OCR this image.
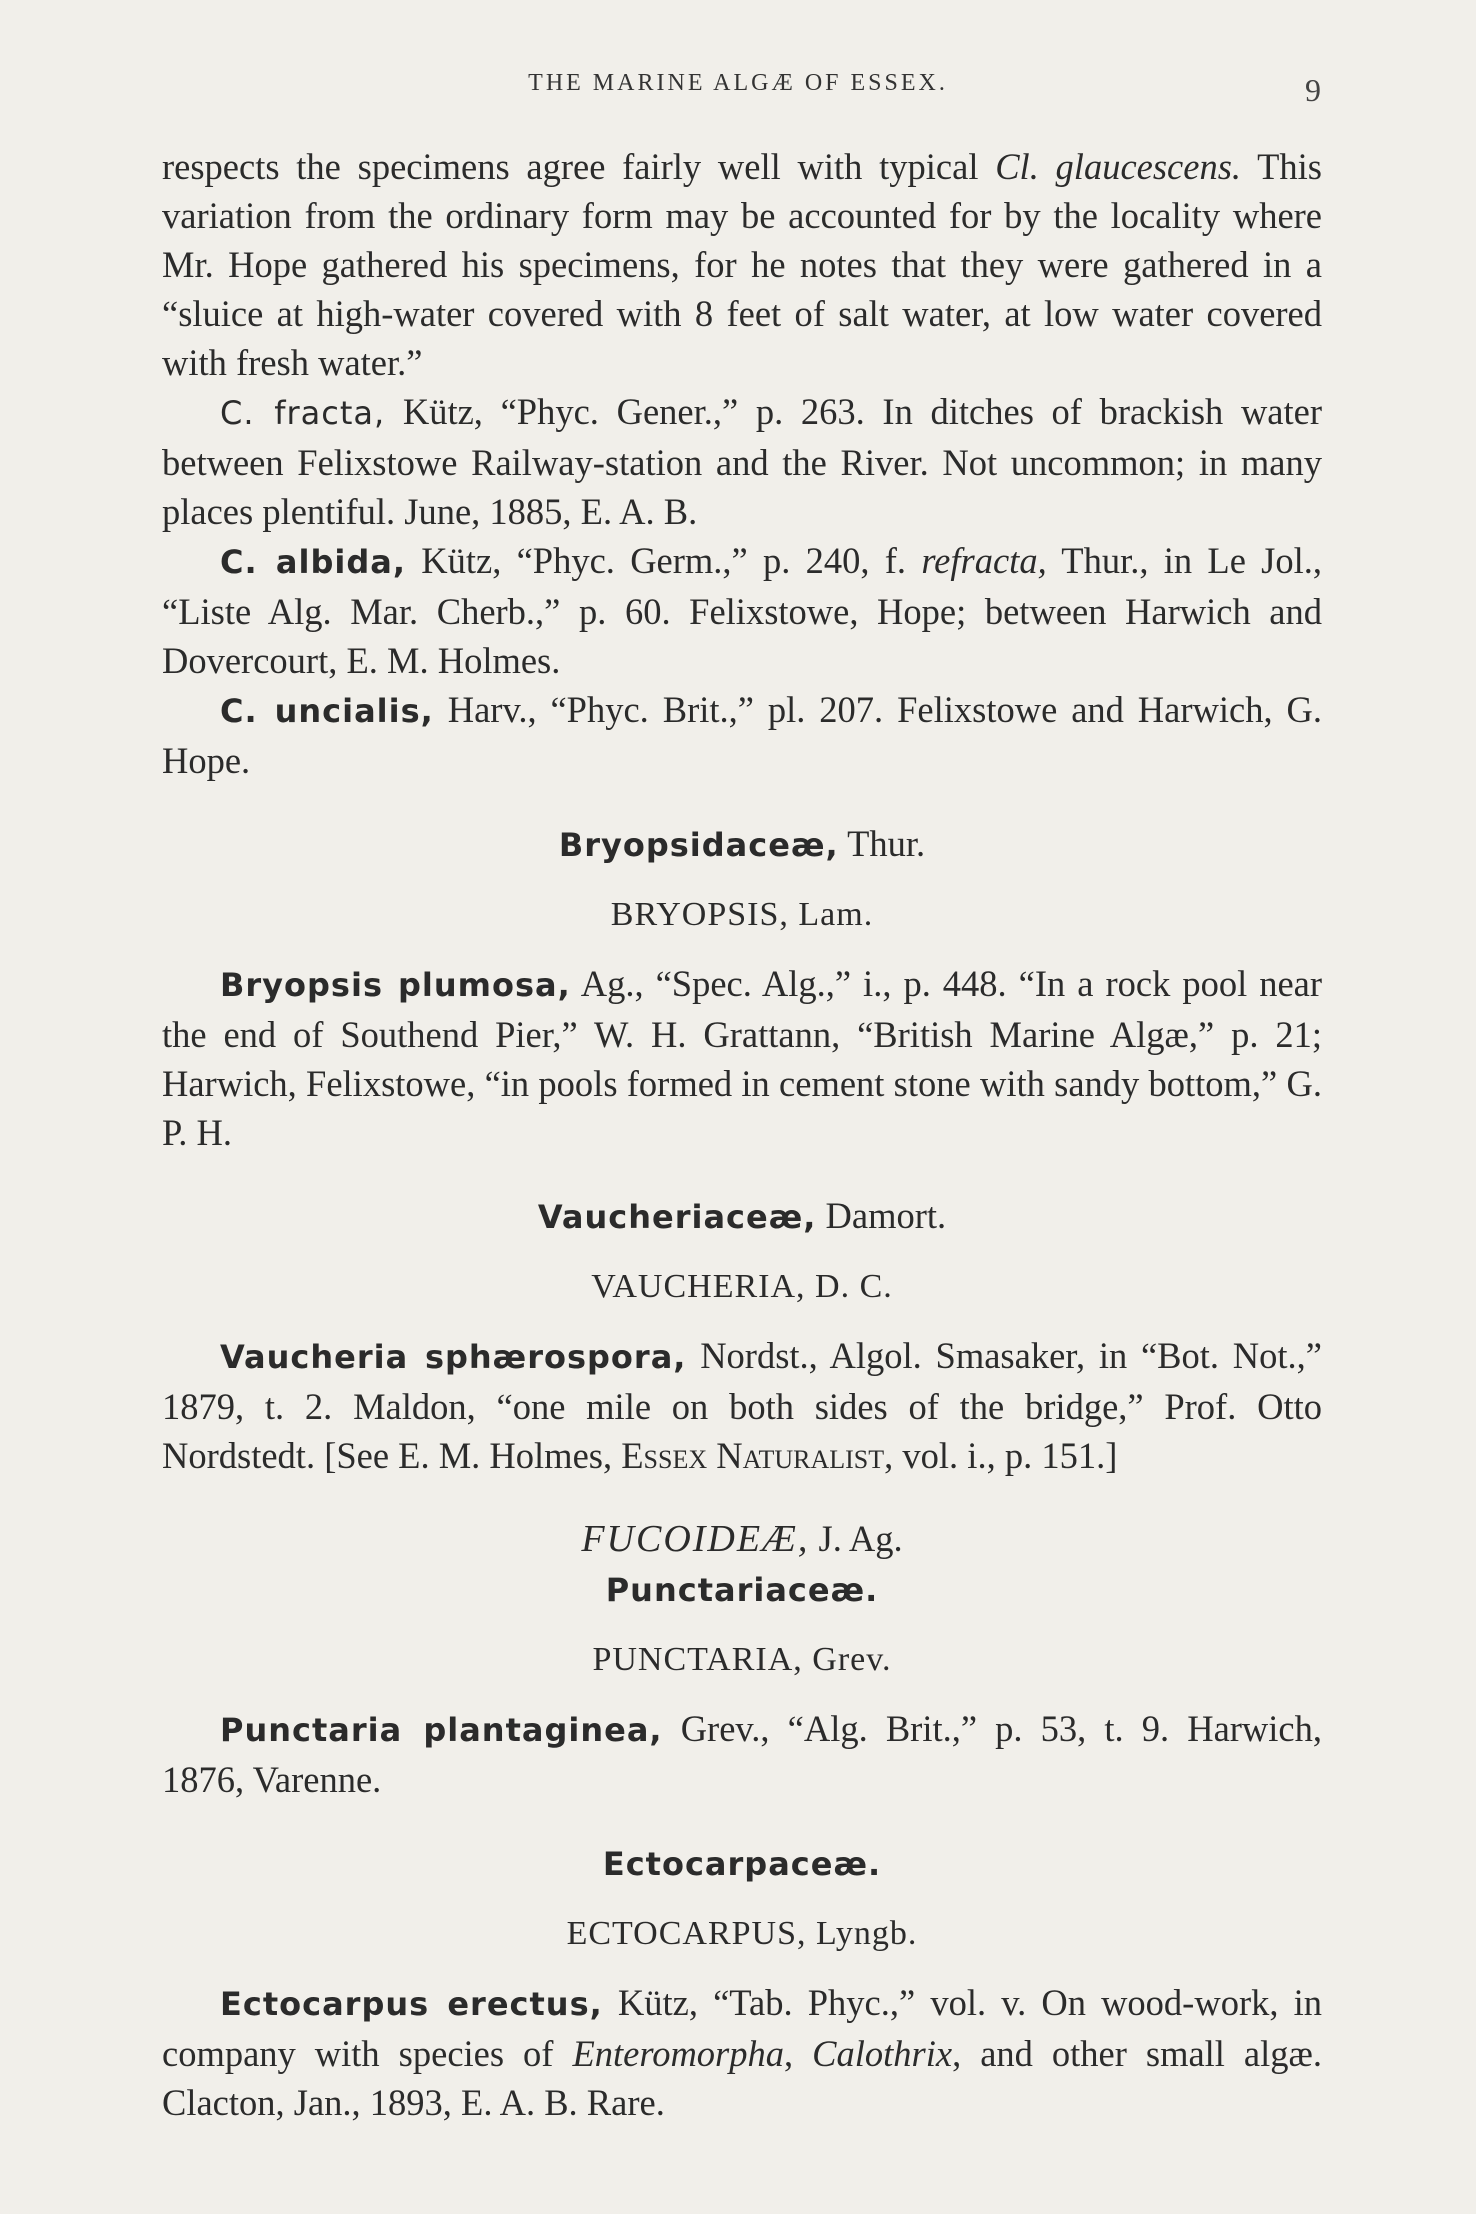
THE MARINE ALGÆ OF ESSEX.	9

respects the specimens agree fairly well with typical Cl. glaucescens. This variation from the ordinary form may be accounted for by the locality where Mr. Hope gathered his specimens, for he notes that they were gathered in a “sluice at high-water covered with 8 feet of salt water, at low water covered with fresh water.”

C. fracta, Kütz, “Phyc. Gener.,” p. 263. In ditches of brackish water between Felixstowe Railway-station and the River. Not uncommon; in many places plentiful. June, 1885, E. A. B.

C. albida, Kütz, “Phyc. Germ.,” p. 240, f. refracta, Thur., in Le Jol., “Liste Alg. Mar. Cherb.,” p. 60. Felixstowe, Hope; between Harwich and Dovercourt, E. M. Holmes.

C. uncialis, Harv., “Phyc. Brit.,” pl. 207. Felixstowe and Harwich, G. Hope.

Bryopsidaceæ, Thur.

BRYOPSIS, Lam.

Bryopsis plumosa, Ag., “Spec. Alg.,” i., p. 448. “In a rock pool near the end of Southend Pier,” W. H. Grattann, “British Marine Algæ,” p. 21; Harwich, Felixstowe, “in pools formed in cement stone with sandy bottom,” G. P. H.

Vaucheriaceæ, Damort.

VAUCHERIA, D. C.

Vaucheria sphærospora, Nordst., Algol. Smasaker, in “Bot. Not.,” 1879, t. 2. Maldon, “one mile on both sides of the bridge,” Prof. Otto Nordstedt. [See E. M. Holmes, Essex Naturalist, vol. i., p. 151.]

FUCOIDEÆ, J. Ag.

Punctariaceæ.

PUNCTARIA, Grev.

Punctaria plantaginea, Grev., “Alg. Brit.,” p. 53, t. 9. Harwich, 1876, Varenne.

Ectocarpaceæ.

ECTOCARPUS, Lyngb.

Ectocarpus erectus, Kütz, “Tab. Phyc.,” vol. v. On wood-work, in company with species of Enteromorpha, Calothrix, and other small algæ. Clacton, Jan., 1893, E. A. B. Rare.
